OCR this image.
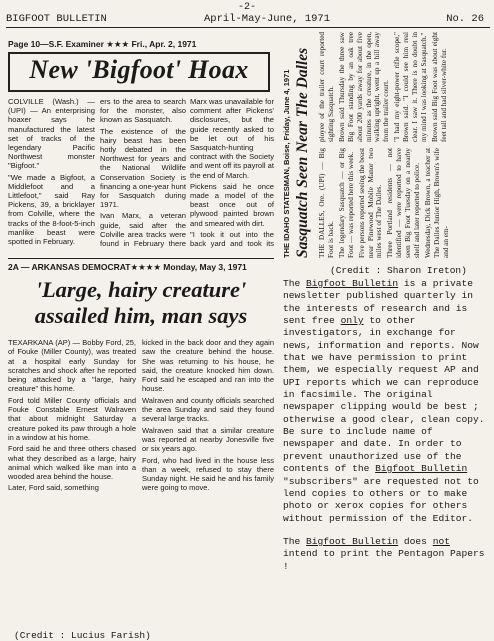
-2-
BIGFOOT BULLETIN	April-May-June, 1971	No. 26
Page 10—S.F. Examiner ★★★ Fri., Apr. 2, 1971
New 'Bigfoot' Hoax

COLVILLE (Wash.) — (UPI) — An enterprising hoaxer says he manufactured the latest set of tracks of the legendary Pacific Northwest monster "Bigfoot."

"We made a Bigfoot, a Middlefoot and a Littlefoot," said Ray Pickens, 39, a bricklayer from Colville, where the tracks of the 8-foot-5-inch manlike beast were spotted in February.

ers to the area to search for the monster, also known as Sasquatch.

The existence of the hairy beast has been hotly debated in the Northwest for years and the National Wildlife Conservation Society is financing a one-year hunt for Sasquatch during 1971.

Ivan Marx, a veteran guide, said after the Colville area tracks were found in February there

Marx was unavailable for comment after Pickens' disclosures, but the guide recently asked to be let out of his Sasquatch-hunting contract with the Society and went off its payroll at the end of March.

Pickens said he once made a model of the beast once out of plywood painted brown and smeared with dirt.

"I took it out into the back yard and took its THE IDAHO STATESMAN, Boise, Friday, June 4, 1971 Sasquatch Seen Near The Dalles THE DALLES, Ore. (UPI) — Big Foot is back. The legendary Sasquatch — or Big Foot — was reported here this week. Five persons reported seeing the beast near Pinewood Mobile Manor two miles west of The Dalles. Three Portland residents — not identified — were reported to have seen Big Foot Tuesday on a nearby shelf and later reported to police. Wednesday, Dick Brown, a teacher at The Dalles Junior High, Brown's wife and an em-

ployee of the trailer court reported sighting Sasquatch. Brown said Thursday the three saw Big Foot standing by an oak tree about 200 yards away for about five minutes as the creature, in the open, walking upright, went up a hill away from the trailer court. "I had my eight-power rifle scope," Brown said. "I could see him real clear. I saw it. There is no doubt in my mind I was looking at Sasquatch." Brown said Big Foot was about eight feet tall and had silver-white fur.

(Credit : Sharon Ireton)
2A — ARKANSAS DEMOCRAT★★★★ Monday, May 3, 1971
'Large, hairy creature'
assailed him, man says

TEXARKANA (AP) — Bobby Ford, 25, of Fouke (Miller County), was treated at a hospital early Sunday for scratches and shock after he reported being attacked by a "large, hairy creature" this home.

Ford told Miller County officials and Fouke Constable Ernest Walraven that about midnight Saturday a creature poked its paw through a hole in a window at his home.

Ford said he and three others chased what they described as a large, hairy animal which walked like man into a wooded area behind the house.

Later, Ford said, something

kicked in the back door and they again saw the creature behind the house. She was returning to his house, he said, the creature knocked him down. Ford said he escaped and ran into the house.

Walraven and county officials searched the area Sunday and said they found several large tracks.

Walraven said that a similar creature was reported at nearby Jonesville five or six years ago.

Ford, who had lived in the house less than a week, refused to stay there Sunday night. He said he and his family were going to move.

(Credit : Lucius Farish)

The Bigfoot Bulletin is a private newsletter published quarterly in the interests of research and is sent free only to other investigators, in exchange for news, information and reports. Now that we have permission to print them, we especially request AP and UPI reports which we can reproduce in facsimile. The original newspaper clipping would be best ; otherwise a good clear, clean copy. Be sure to include name of newspaper and date. In order to prevent unauthorized use of the contents of the Bigfoot Bulletin "subscribers" are requested not to lend copies to others or to make photo or xerox copies for others without permission of the Editor.

The Bigfoot Bulletin does not intend to print the Pentagon Papers !
